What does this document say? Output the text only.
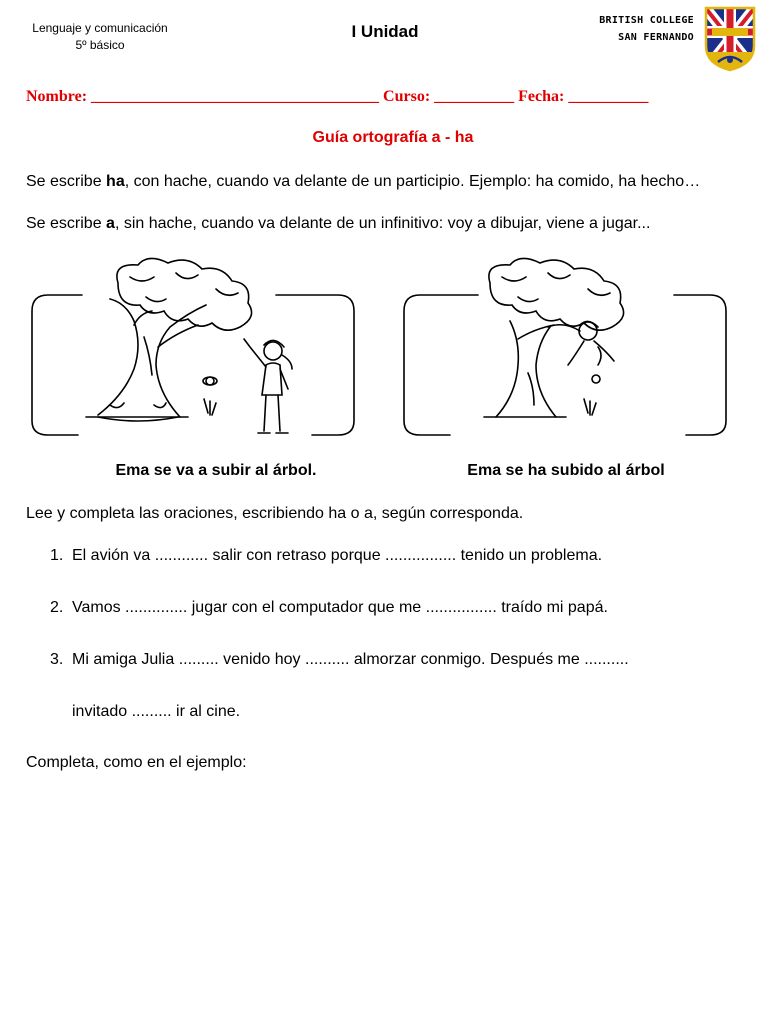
Lenguaje y comunicación
5º básico
I Unidad
BRITISH COLLEGE
SAN FERNANDO
Nombre: ____________________________________ Curso: __________ Fecha: __________
Guía ortografía a - ha
Se escribe ha, con hache, cuando va delante de un participio. Ejemplo: ha comido, ha hecho…
Se escribe a, sin hache, cuando va delante de un infinitivo: voy a dibujar, viene a jugar...
Ema se va a subir al árbol.	Ema se ha subido al árbol
Lee y completa las oraciones, escribiendo ha o a, según corresponda.
1. El avión va ............ salir con retraso porque ................ tenido un problema.
2. Vamos .............. jugar con el computador que me ................ traído mi papá.
3. Mi amiga Julia ......... venido hoy .......... almorzar conmigo. Después me ..........
invitado ......... ir al cine.
Completa, como en el ejemplo:
